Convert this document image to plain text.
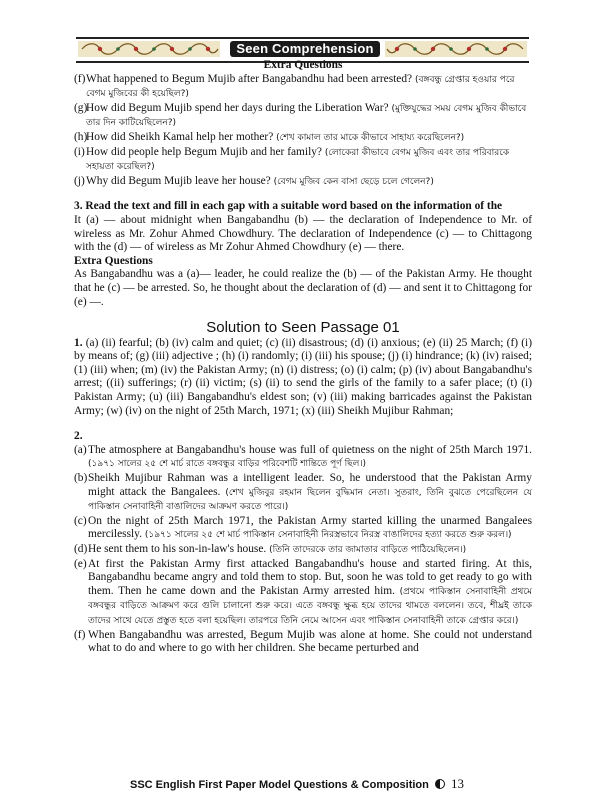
Seen Comprehension
Extra Questions
(f) What happened to Begum Mujib after Bangabandhu had been arrested? (বঙ্গবন্ধু গ্রেপ্তার হওয়ার পরে বেগম মুজিবের কী হয়েছিল?)
(g)
How did Begum Mujib spend her days during the Liberation War? (মুক্তিযুদ্ধের সময় বেগম মুজিব কীভাবে তার দিন কাটিয়েছিলেন?)
(h)
How did Sheikh Kamal help her mother? (শেখ কামাল তার মাকে কীভাবে সাহায্য করেছিলেন?)
(i) How did people help Begum Mujib and her family? (লোকেরা কীভাবে বেগম মুজিব এবং তার পরিবারকে সহায়তা করেছিল?)
(j) Why did Begum Mujib leave her house? (বেগম মুজিব কেন বাসা ছেড়ে চলে গেলেন?)
3. Read the text and fill in each gap with a suitable word based on the information of the
It (a) — about midnight when Bangabandhu (b) — the declaration of Independence to Mr. of wireless as Mr. Zohur Ahmed Chowdhury. The declaration of Independence (c) — to Chittagong with the (d) — of wireless as Mr Zohur Ahmed Chowdhury (e) — there.
Extra Questions
As Bangabandhu was a (a)— leader, he could realize the (b) — of the Pakistan Army. He thought that he (c) — be arrested. So, he thought about the declaration of (d) — and sent it to Chittagong for (e) —.
Solution to Seen Passage 01
1. (a) (ii) fearful; (b) (iv) calm and quiet; (c) (ii) disastrous; (d) (i) anxious; (e) (ii) 25 March; (f) (i) by means of; (g) (iii) adjective ; (h) (i) randomly; (i) (iii) his spouse; (j) (i) hindrance; (k) (iv) raised; (1) (iii) when; (m) (iv) the Pakistan Army; (n) (i) distress; (o) (i) calm; (p) (iv) about Bangabandhu's arrest; ((ii) sufferings; (r) (ii) victim; (s) (ii) to send the girls of the family to a safer place; (t) (i) Pakistan Army; (u) (iii) Bangabandhu's eldest son; (v) (iii) making barricades against the Pakistan Army; (w) (iv) on the night of 25th March, 1971; (x) (iii) Sheikh Mujibur Rahman;
2.
(a) The atmosphere at Bangabandhu's house was full of quietness on the night of 25th March 1971. (১৯৭১ সালের ২৫ শে মার্চ রাতে বঙ্গবন্ধুর বাড়ির পরিবেশটি শান্তিতে পূর্ণ ছিল।)
(b) Sheikh Mujibur Rahman was a intelligent leader. So, he understood that the Pakistan Army might attack the Bangalees. (শেখ মুজিবুর রহমান ছিলেন বুদ্ধিমান নেতা। সুতরাং, তিনি বুঝতে পেরেছিলেন যে পাকিস্তান সেনাবাহিনী বাঙালিদের আক্রমণ করতে পারে।)
(c) On the night of 25th March 1971, the Pakistan Army started killing the unarmed Bangalees mercilessly. (১৯৭১ সালের ২৫ শে মার্চ পাকিস্তান সেনাবাহিনী নিরস্ত্রভাবে নিরস্ত্র বাঙালিদের হত্যা করতে শুরু করল।)
(d) He sent them to his son-in-law's house. (তিনি তাদেরকে তার জামাতার বাড়িতে পাঠিয়েছিলেন।)
(e) At first the Pakistan Army first attacked Bangabandhu's house and started firing. At this, Bangabandhu became angry and told them to stop. But, soon he was told to get ready to go with them. Then he came down and the Pakistan Army arrested him. (প্রথমে পাকিস্তান সেনাবাহিনী প্রথমে বঙ্গবন্ধুর বাড়িতে আক্রমণ করে গুলি চালানো শুরু করে। এতে বঙ্গবন্ধু ক্ষুব্ধ হয়ে তাদের থামতে বললেন। তবে, শীঘ্রই তাকে তাদের সাথে যেতে প্রস্তুত হতে বলা হয়েছিল। তারপরে তিনি নেমে আসেন এবং পাকিস্তান সেনাবাহিনী তাকে গ্রেপ্তার করে।)
(f) When Bangabandhu was arrested, Begum Mujib was alone at home. She could not understand what to do and where to go with her children. She became perturbed and
SSC English First Paper Model Questions & Composition 13
